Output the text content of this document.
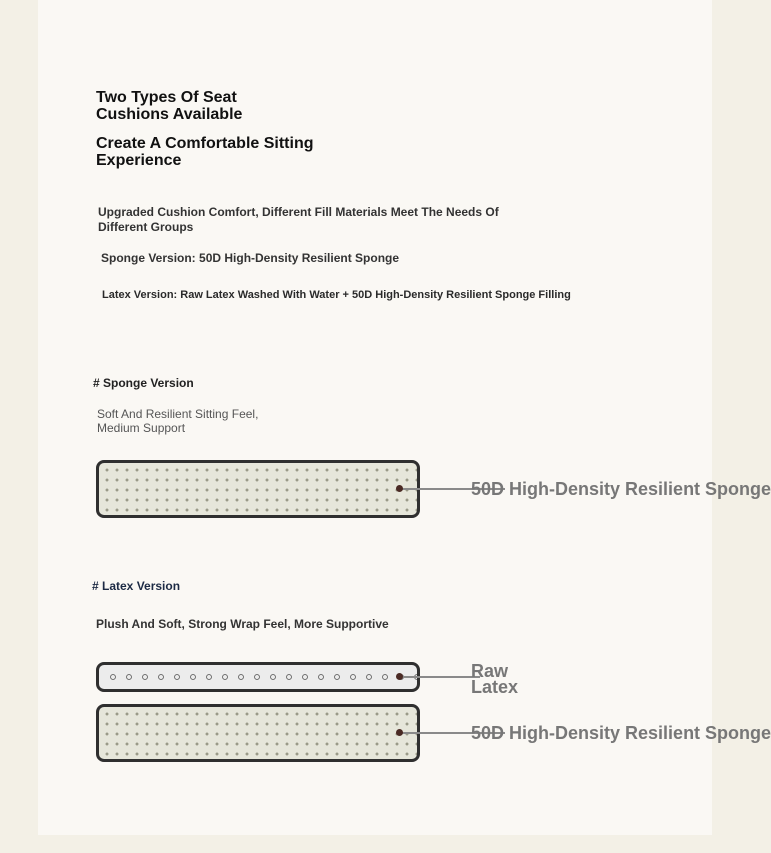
Two Types Of Seat
Cushions Available
Create A Comfortable Sitting
Experience
Upgraded Cushion Comfort, Different Fill Materials Meet The Needs Of
Different Groups
Sponge Version: 50D High-Density Resilient Sponge
Latex Version: Raw Latex Washed With Water + 50D High-Density Resilient Sponge Filling
# Sponge Version
Soft And Resilient Sitting Feel,
Medium Support
50D High-Density Resilient Sponge
# Latex Version
Plush And Soft, Strong Wrap Feel, More Supportive
Raw
Latex
50D High-Density Resilient Sponge
